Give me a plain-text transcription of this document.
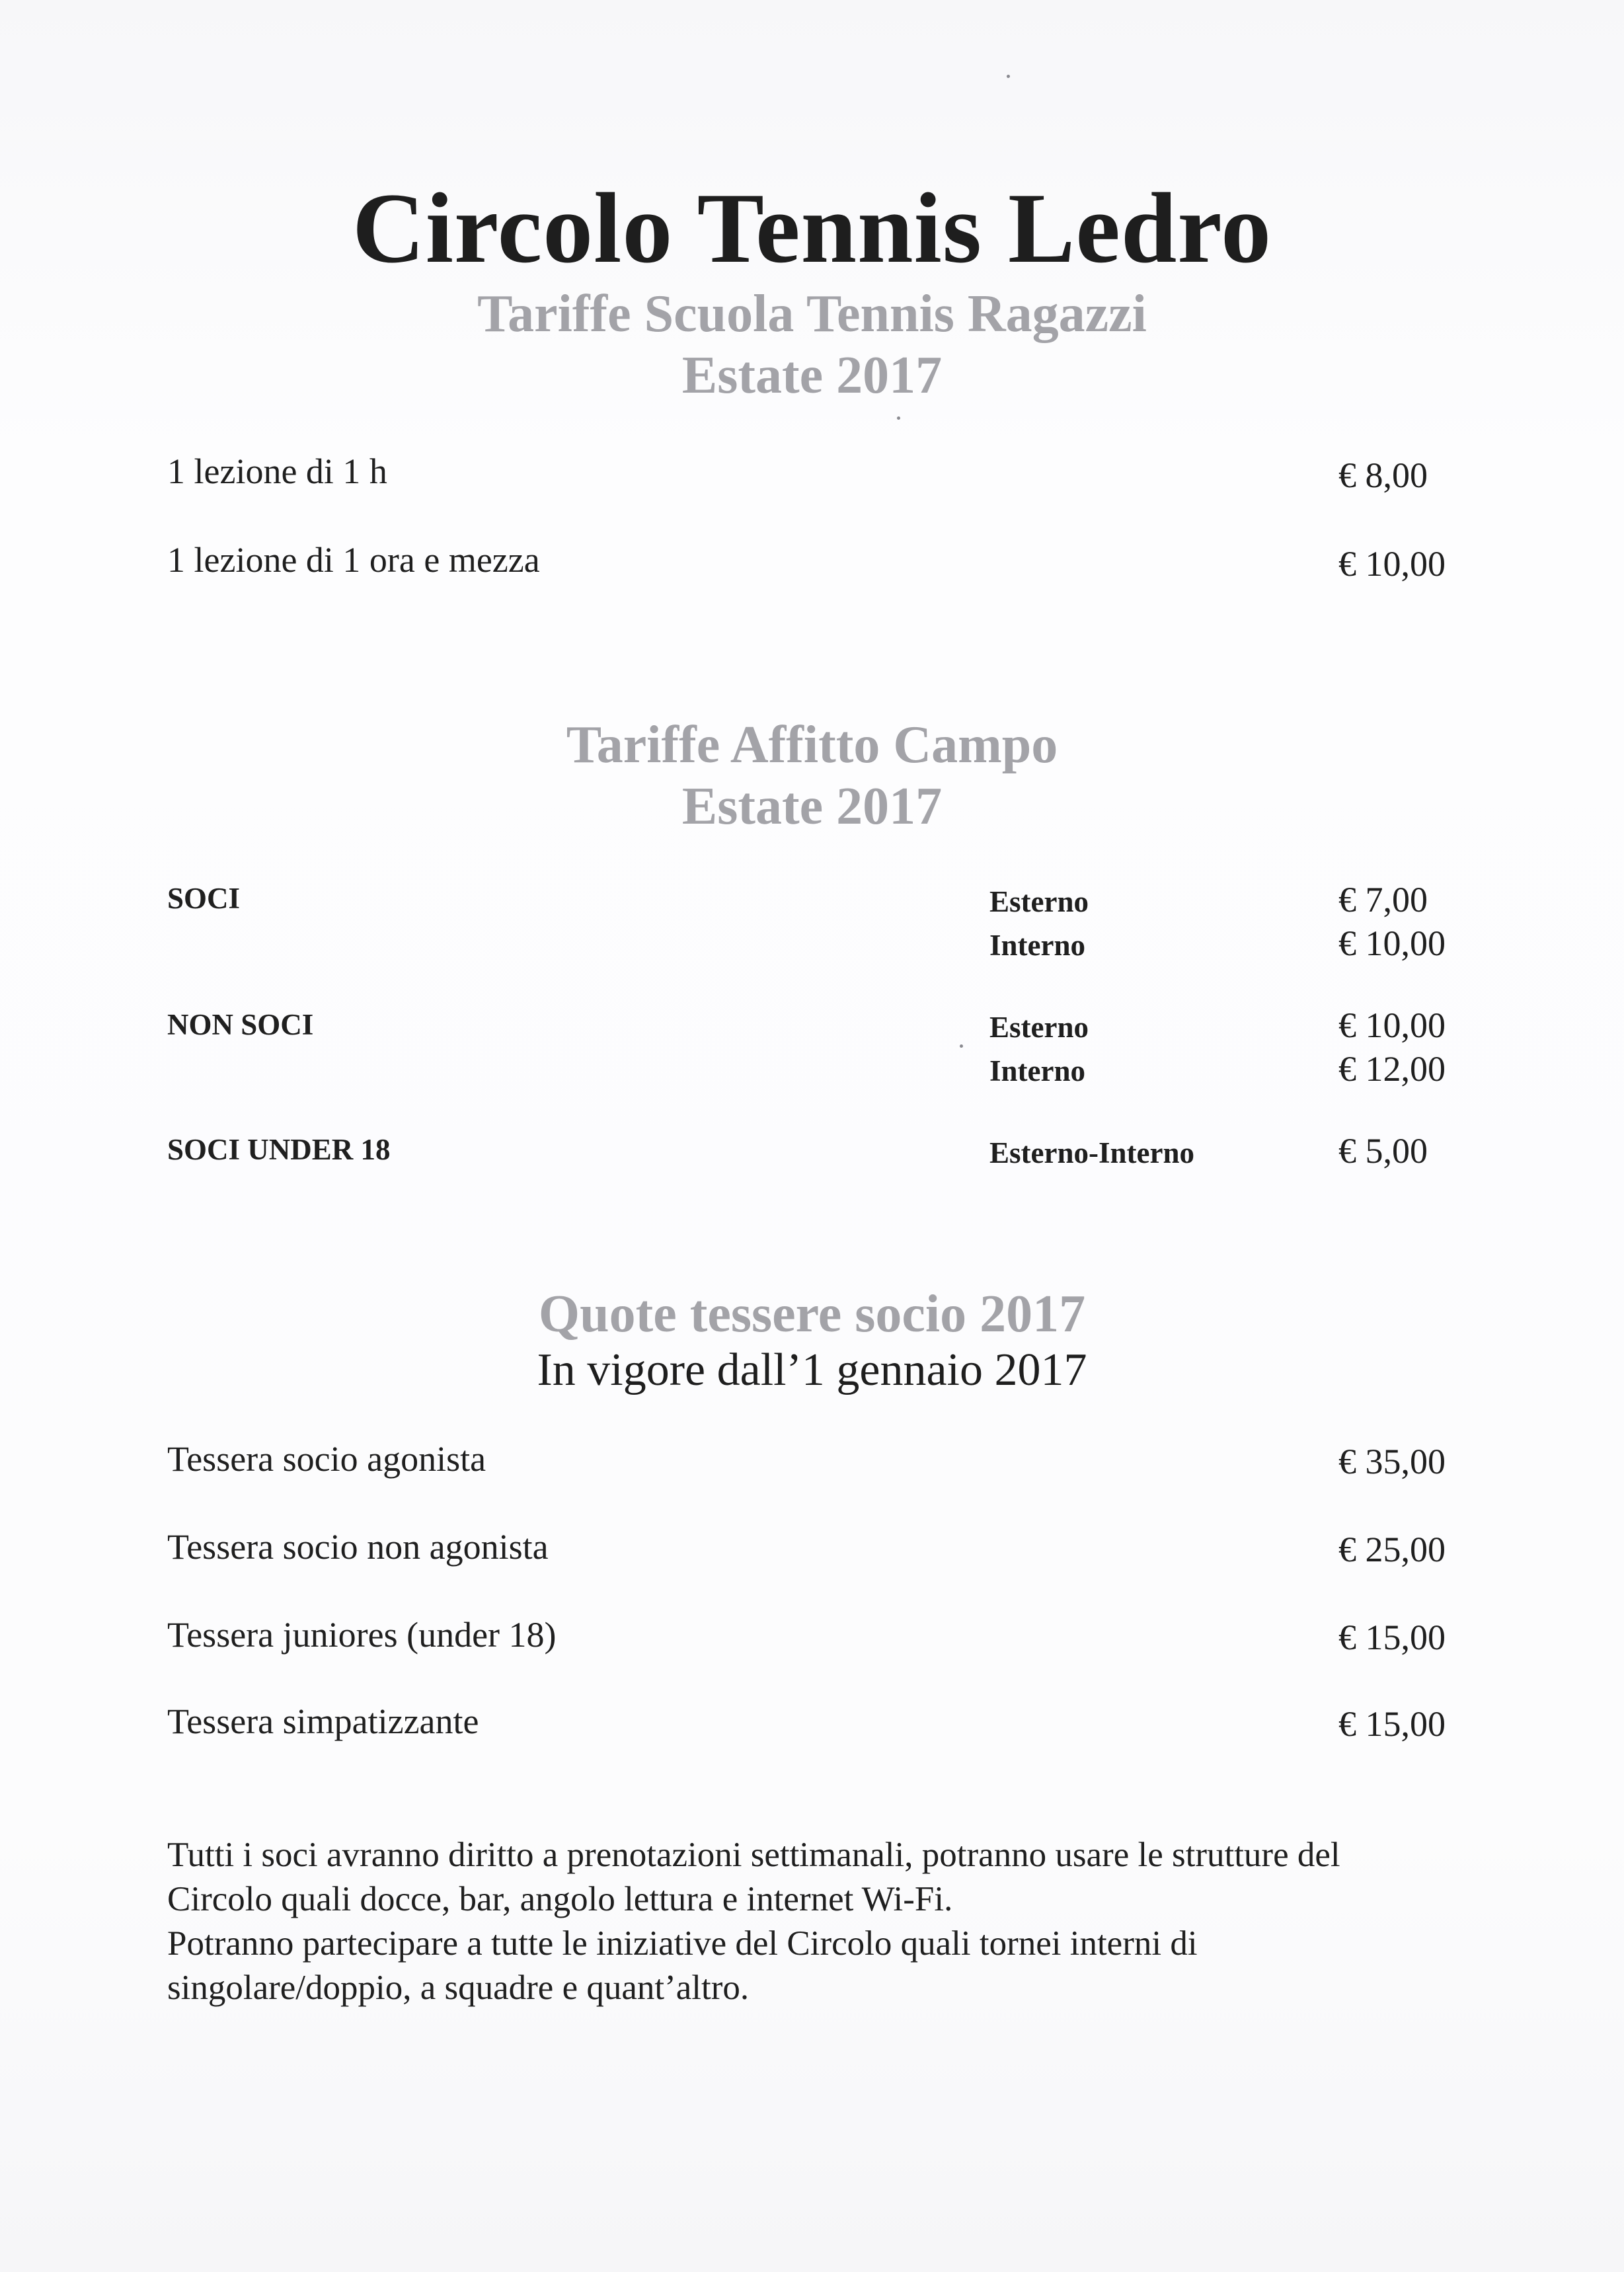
Circolo Tennis Ledro
Tariffe Scuola Tennis Ragazzi
Estate 2017
1 lezione di 1 h	€ 8,00
1 lezione di 1 ora e mezza	€ 10,00
Tariffe Affitto Campo
Estate 2017
SOCI	Esterno	€ 7,00
Interno	€ 10,00
NON SOCI	Esterno	€ 10,00
Interno	€ 12,00
SOCI UNDER 18	Esterno-Interno	€ 5,00
Quote tessere socio 2017
In vigore dall’1 gennaio 2017
Tessera socio agonista	€ 35,00
Tessera socio non agonista	€ 25,00
Tessera juniores (under 18)	€ 15,00
Tessera simpatizzante	€ 15,00
Tutti i soci avranno diritto a prenotazioni settimanali, potranno usare le strutture del
Circolo quali docce, bar, angolo lettura e internet Wi-Fi.
Potranno partecipare a tutte le iniziative del Circolo quali tornei interni di
singolare/doppio, a squadre e quant’altro.
